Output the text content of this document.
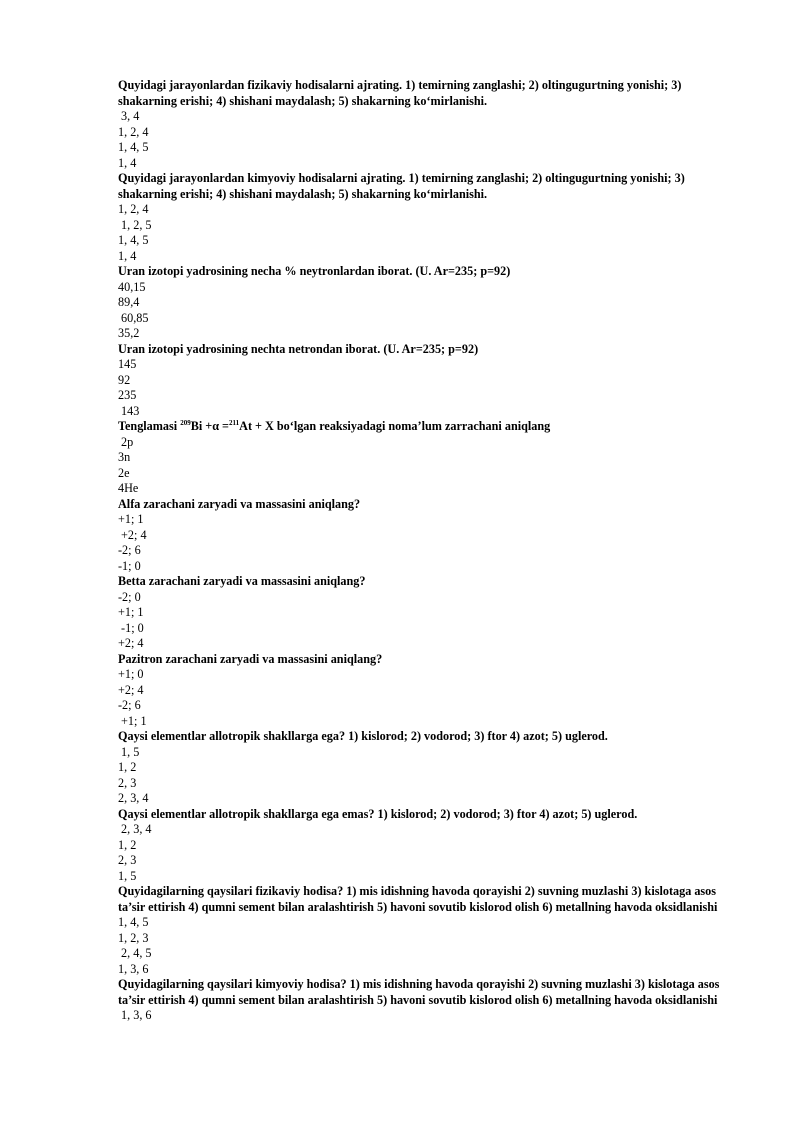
Quyidagi jarayonlardan fizikaviy hodisalarni ajrating. 1) temirning zanglashi; 2) oltingugurtning yonishi; 3) shakarning erishi; 4) shishani maydalash; 5) shakarning ko‘mirlanishi.

3, 4

1, 2, 4

1, 4, 5

1, 4

Quyidagi jarayonlardan kimyoviy hodisalarni ajrating. 1) temirning zanglashi; 2) oltingugurtning yonishi; 3) shakarning erishi; 4) shishani maydalash; 5) shakarning ko‘mirlanishi.

1, 2, 4

1, 2, 5

1, 4, 5

1, 4

Uran izotopi yadrosining necha % neytronlardan iborat. (U. Ar=235; p=92)

40,15

89,4

60,85

35,2

Uran izotopi yadrosining nechta netrondan iborat. (U. Ar=235; p=92)

145

92

235

143

Tenglamasi $^{209}$Bi +α =$^{211}$At + X bo‘lgan reaksiyadagi noma’lum zarrachani aniqlang

2p

3n

2e

4He

Alfa zarachani zaryadi va massasini aniqlang?

+1; 1

+2; 4

-2; 6

-1; 0

Betta zarachani zaryadi va massasini aniqlang?

-2; 0

+1; 1

-1; 0

+2; 4

Pazitron zarachani zaryadi va massasini aniqlang?

+1; 0

+2; 4

-2; 6

+1; 1

Qaysi elementlar allotropik shakllarga ega? 1) kislorod; 2) vodorod; 3) ftor 4) azot; 5) uglerod.

1, 5

1, 2

2, 3

2, 3, 4

Qaysi elementlar allotropik shakllarga ega emas? 1) kislorod; 2) vodorod; 3) ftor 4) azot; 5) uglerod.

2, 3, 4

1, 2

2, 3

1, 5

Quyidagilarning qaysilari fizikaviy hodisa? 1) mis idishning havoda qorayishi 2) suvning muzlashi 3) kislotaga asos ta’sir ettirish 4) qumni sement bilan aralashtirish 5) havoni sovutib kislorod olish 6) metallning havoda oksidlanishi

1, 4, 5

1, 2, 3

2, 4, 5

1, 3, 6

Quyidagilarning qaysilari kimyoviy hodisa? 1) mis idishning havoda qorayishi 2) suvning muzlashi 3) kislotaga asos ta’sir ettirish 4) qumni sement bilan aralashtirish 5) havoni sovutib kislorod olish 6) metallning havoda oksidlanishi

1, 3, 6
